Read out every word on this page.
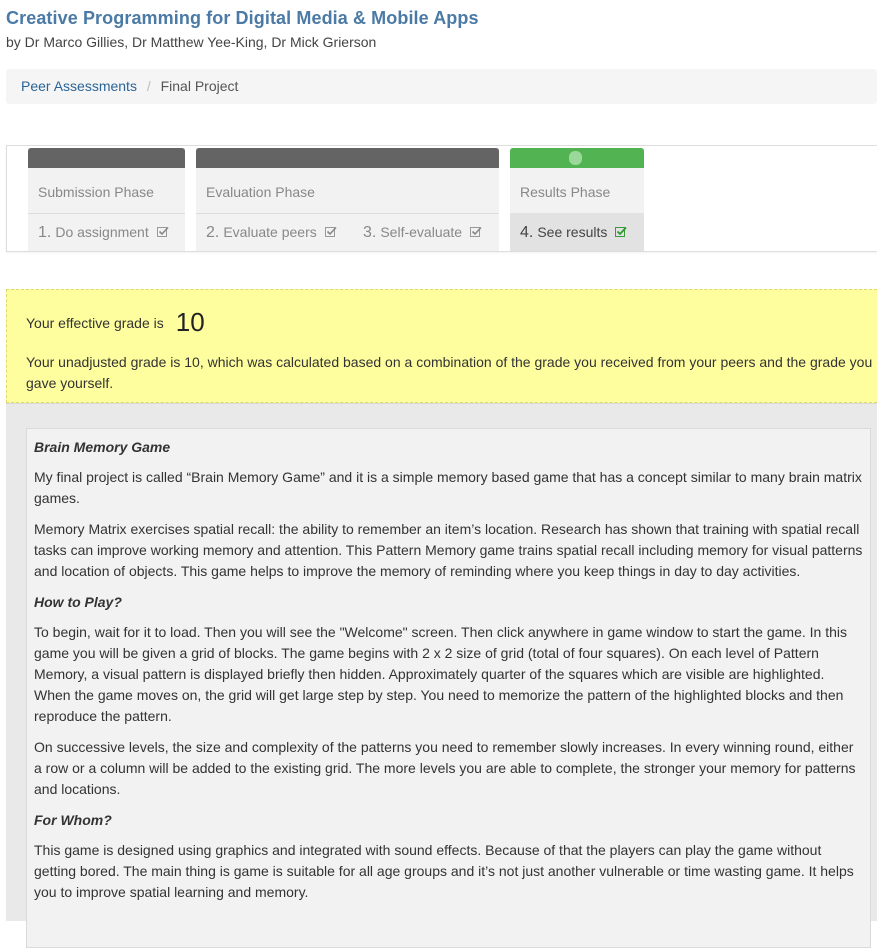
Creative Programming for Digital Media & Mobile Apps
by Dr Marco Gillies, Dr Matthew Yee-King, Dr Mick Grierson
Peer Assessments / Final Project
Submission Phase
1. Do assignment
Evaluation Phase
2. Evaluate peers	3. Self-evaluate
Results Phase
4. See results
Your effective grade is 10
Your unadjusted grade is 10, which was calculated based on a combination of the grade you received from your peers and the grade you gave yourself.
Brain Memory Game

My final project is called “Brain Memory Game” and it is a simple memory based game that has a concept similar to many brain matrix games.

Memory Matrix exercises spatial recall: the ability to remember an item’s location. Research has shown that training with spatial recall tasks can improve working memory and attention. This Pattern Memory game trains spatial recall including memory for visual patterns and location of objects. This game helps to improve the memory of reminding where you keep things in day to day activities.

How to Play?

To begin, wait for it to load. Then you will see the "Welcome" screen. Then click anywhere in game window to start the game. In this game you will be given a grid of blocks. The game begins with 2 x 2 size of grid (total of four squares). On each level of Pattern Memory, a visual pattern is displayed briefly then hidden. Approximately quarter of the squares which are visible are highlighted. When the game moves on, the grid will get large step by step. You need to memorize the pattern of the highlighted blocks and then reproduce the pattern.

On successive levels, the size and complexity of the patterns you need to remember slowly increases. In every winning round, either a row or a column will be added to the existing grid. The more levels you are able to complete, the stronger your memory for patterns and locations.

For Whom?

This game is designed using graphics and integrated with sound effects. Because of that the players can play the game without getting bored. The main thing is game is suitable for all age groups and it’s not just another vulnerable or time wasting game. It helps you to improve spatial learning and memory.
